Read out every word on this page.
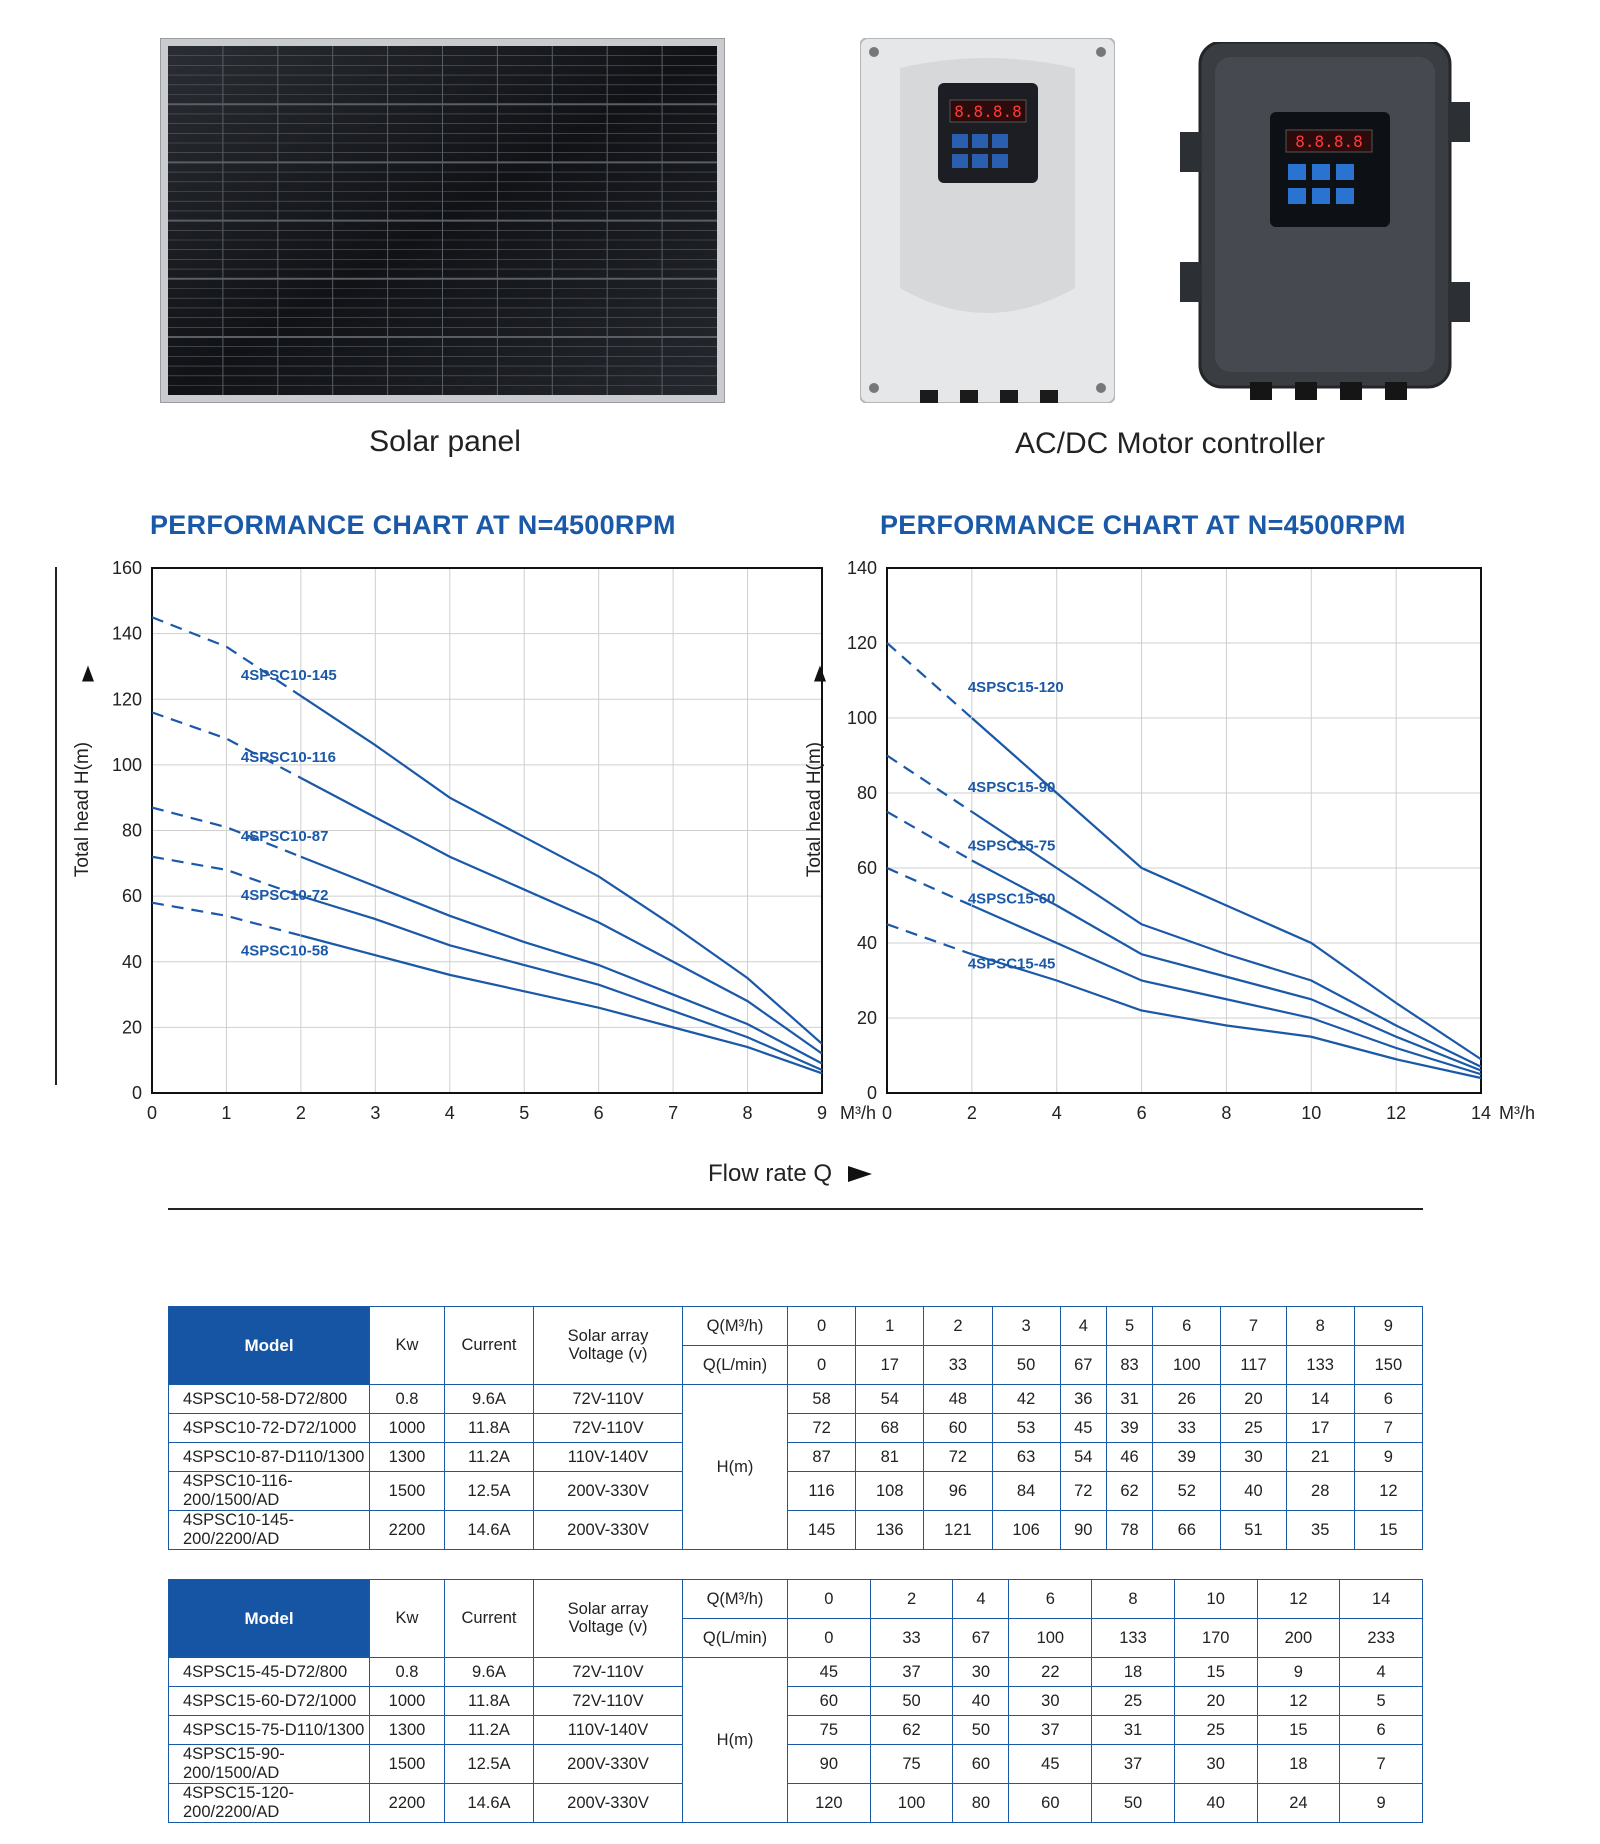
Solar panel
8.8.8.8
8.8.8.8
AC/DC Motor controller
PERFORMANCE CHART AT N=4500RPM	PERFORMANCE CHART AT N=4500RPM
0	1	2	3	4	5	6	7	8	9
0
20
40
60
80
100
120
140
160
M³/h
Total head H(m)
4SPSC10-145
4SPSC10-116
4SPSC10-87
4SPSC10-72
4SPSC10-58
0	2	4	6	8	10	12	14
0
20
40
60
80
100
120
140
M³/h
Total head H(m)
4SPSC15-120
4SPSC15-90
4SPSC15-75
4SPSC15-60
4SPSC15-45
Flow rate Q
Model	Kw	Current	Solar array Voltage (v)	Q(M³/h)	0	1	2	3	4	5	6	7	8	9
				Q(L/min)	0	17	33	50	67	83	100	117	133	150
4SPSC10-58-D72/800	0.8	9.6A	72V-110V	H(m)	58	54	48	42	36	31	26	20	14	6
4SPSC10-72-D72/1000	1000	11.8A	72V-110V		72	68	60	53	45	39	33	25	17	7
4SPSC10-87-D110/1300	1300	11.2A	110V-140V		87	81	72	63	54	46	39	30	21	9
4SPSC10-116-200/1500/AD	1500	12.5A	200V-330V		116	108	96	84	72	62	52	40	28	12
4SPSC10-145-200/2200/AD	2200	14.6A	200V-330V		145	136	121	106	90	78	66	51	35	15
Model	Kw	Current	Solar array Voltage (v)	Q(M³/h)	0	2	4	6	8	10	12	14
				Q(L/min)	0	33	67	100	133	170	200	233
4SPSC15-45-D72/800	0.8	9.6A	72V-110V	H(m)	45	37	30	22	18	15	9	4
4SPSC15-60-D72/1000	1000	11.8A	72V-110V		60	50	40	30	25	20	12	5
4SPSC15-75-D110/1300	1300	11.2A	110V-140V		75	62	50	37	31	25	15	6
4SPSC15-90-200/1500/AD	1500	12.5A	200V-330V		90	75	60	45	37	30	18	7
4SPSC15-120-200/2200/AD	2200	14.6A	200V-330V		120	100	80	60	50	40	24	9
